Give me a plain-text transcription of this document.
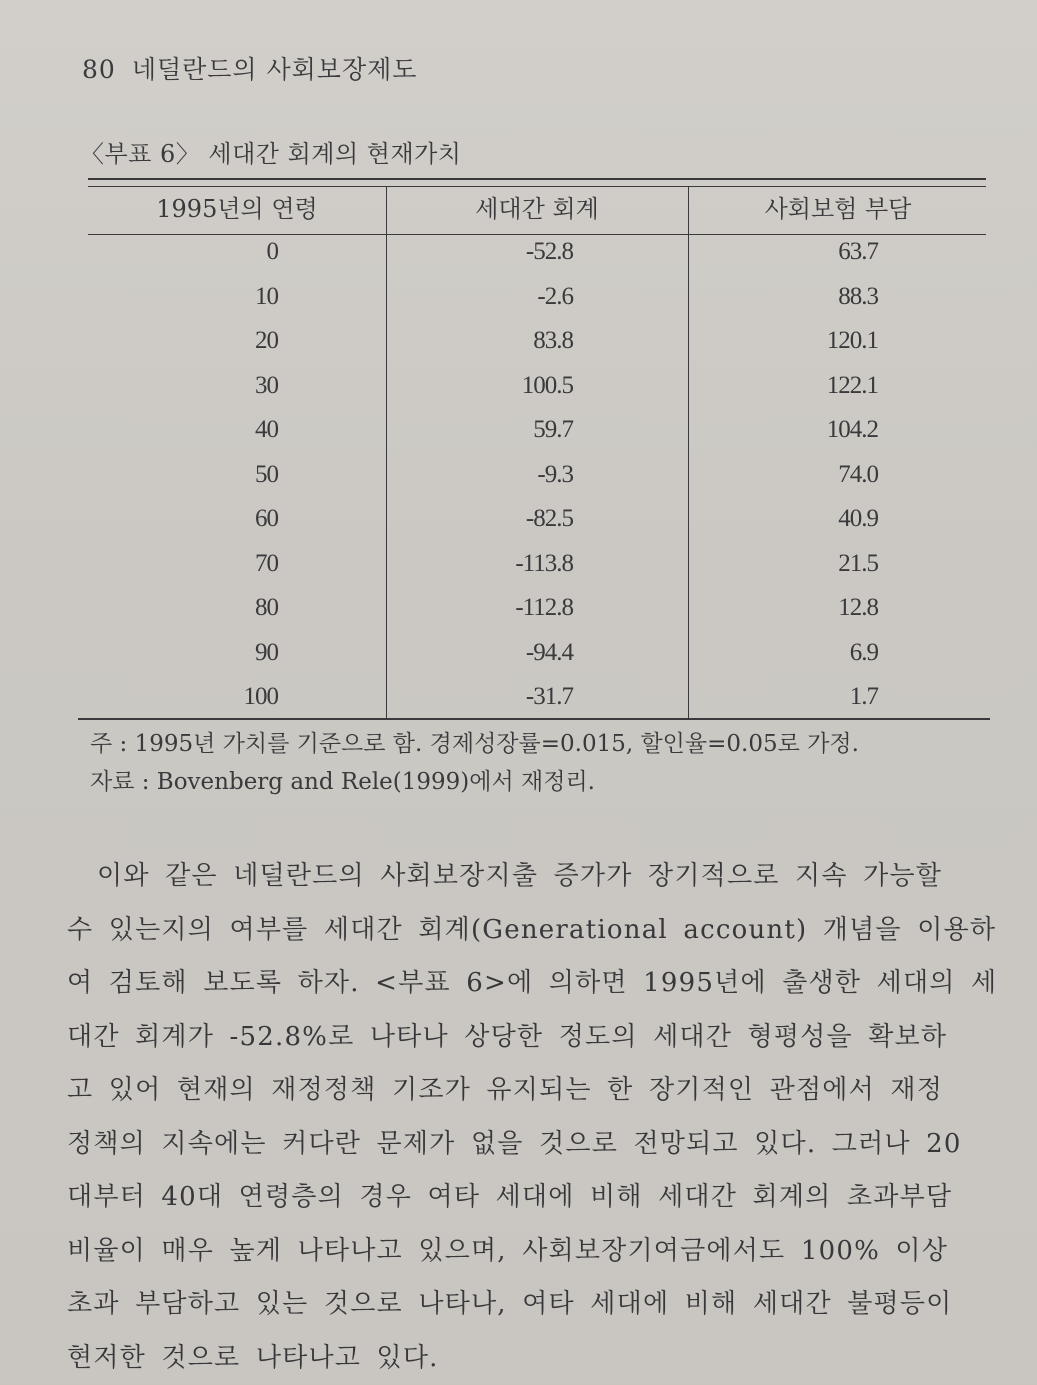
80 네덜란드의 사회보장제도
〈부표 6〉 세대간 회계의 현재가치
1995년의 연령	세대간 회계	사회보험 부담
0	-52.8	63.7
10	-2.6	88.3
20	83.8	120.1
30	100.5	122.1
40	59.7	104.2
50	-9.3	74.0
60	-82.5	40.9
70	-113.8	21.5
80	-112.8	12.8
90	-94.4	6.9
100	-31.7	1.7
주 : 1995년 가치를 기준으로 함. 경제성장률=0.015, 할인율=0.05로 가정.
자료 : Bovenberg and Rele(1999)에서 재정리.
이와 같은 네덜란드의 사회보장지출 증가가 장기적으로 지속 가능할
수 있는지의 여부를 세대간 회계(Generational account) 개념을 이용하
여 검토해 보도록 하자. <부표 6>에 의하면 1995년에 출생한 세대의 세
대간 회계가 -52.8%로 나타나 상당한 정도의 세대간 형평성을 확보하
고 있어 현재의 재정정책 기조가 유지되는 한 장기적인 관점에서 재정
정책의 지속에는 커다란 문제가 없을 것으로 전망되고 있다. 그러나 20
대부터 40대 연령층의 경우 여타 세대에 비해 세대간 회계의 초과부담
비율이 매우 높게 나타나고 있으며, 사회보장기여금에서도 100% 이상
초과 부담하고 있는 것으로 나타나, 여타 세대에 비해 세대간 불평등이
현저한 것으로 나타나고 있다.
